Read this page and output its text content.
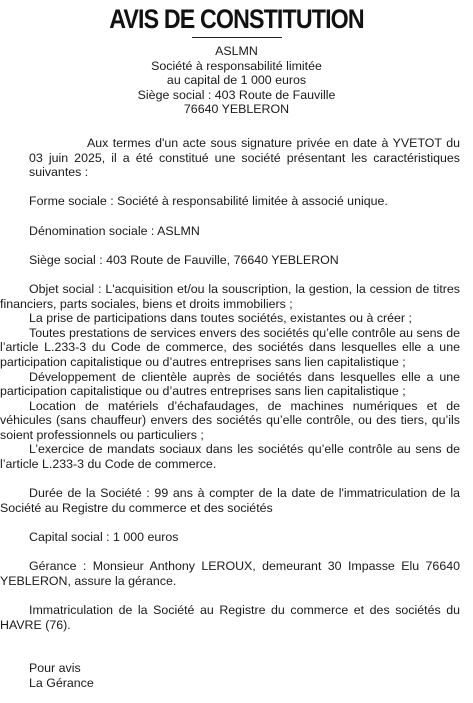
AVIS DE CONSTITUTION
ASLMN
Société à responsabilité limitée
au capital de 1 000 euros
Siège social : 403 Route de Fauville
76640 YEBLERON

Aux termes d'un acte sous signature privée en date à YVETOT du 03 juin 2025, il a été constitué une société présentant les caractéristiques suivantes :

Forme sociale : Société à responsabilité limitée à associé unique.

Dénomination sociale : ASLMN

Siège social : 403 Route de Fauville, 76640 YEBLERON

Objet social : L'acquisition et/ou la souscription, la gestion, la cession de titres financiers, parts sociales, biens et droits immobiliers ;

La prise de participations dans toutes sociétés, existantes ou à créer ;

Toutes prestations de services envers des sociétés qu’elle contrôle au sens de l’article L.233-3 du Code de commerce, des sociétés dans lesquelles elle a une participation capitalistique ou d’autres entreprises sans lien capitalistique ;

Développement de clientèle auprès de sociétés dans lesquelles elle a une participation capitalistique ou d’autres entreprises sans lien capitalistique ;

Location de matériels d’échafaudages, de machines numériques et de véhicules (sans chauffeur) envers des sociétés qu’elle contrôle, ou des tiers, qu’ils soient professionnels ou particuliers ;

L’exercice de mandats sociaux dans les sociétés qu’elle contrôle au sens de l’article L.233-3 du Code de commerce.

Durée de la Société : 99 ans à compter de la date de l'immatriculation de la Société au Registre du commerce et des sociétés

Capital social : 1 000 euros

Gérance : Monsieur Anthony LEROUX, demeurant 30 Impasse Elu 76640 YEBLERON, assure la gérance.

Immatriculation de la Société au Registre du commerce et des sociétés du HAVRE (76).

Pour avis

La Gérance
